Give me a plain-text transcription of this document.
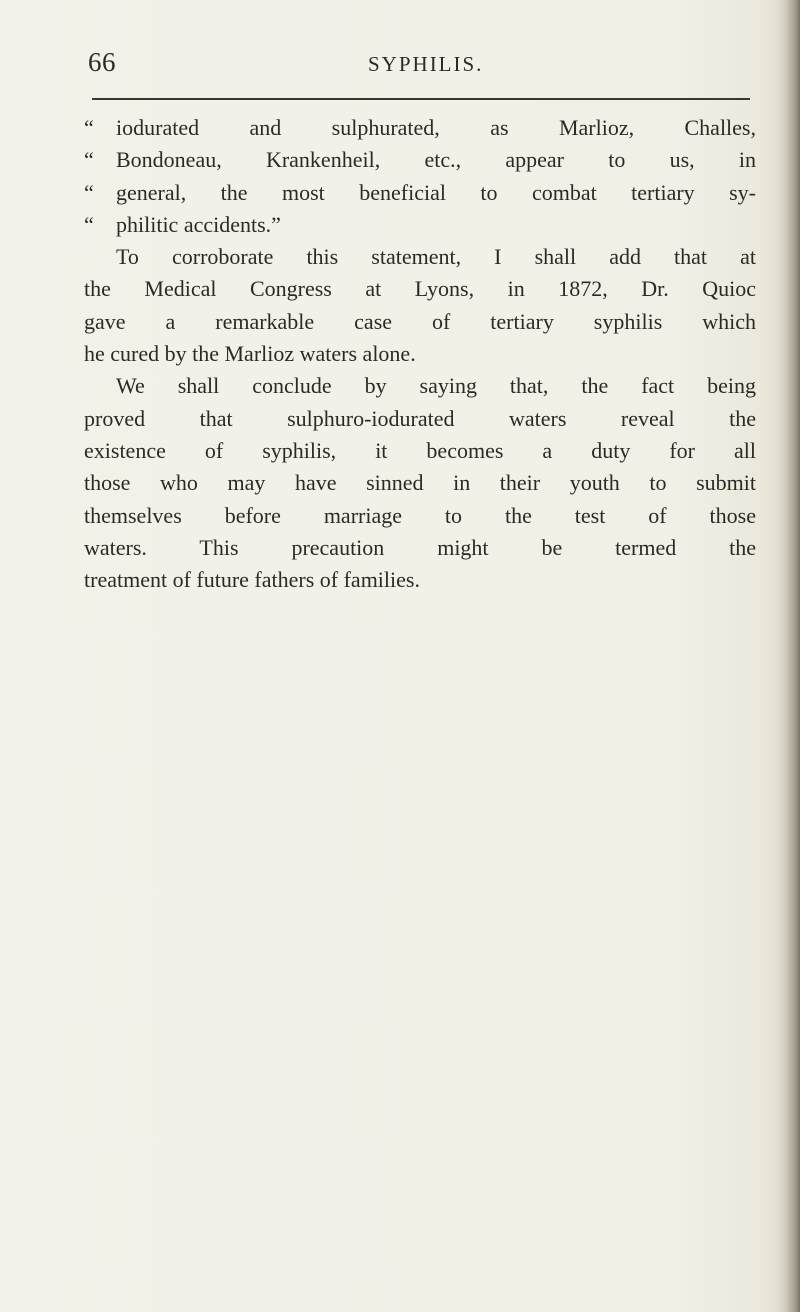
66	SYPHILIS.
“ iodurated and sulphurated, as Marlioz, Challes,
“ Bondoneau, Krankenheil, etc., appear to us, in
“ general, the most beneficial to combat tertiary sy-
“ philitic accidents.”
To corroborate this statement, I shall add that at
the Medical Congress at Lyons, in 1872, Dr. Quioc
gave a remarkable case of tertiary syphilis which
he cured by the Marlioz waters alone.
We shall conclude by saying that, the fact being
proved that sulphuro-iodurated waters reveal the
existence of syphilis, it becomes a duty for all
those who may have sinned in their youth to submit
themselves before marriage to the test of those
waters. This precaution might be termed the
treatment of future fathers of families.
